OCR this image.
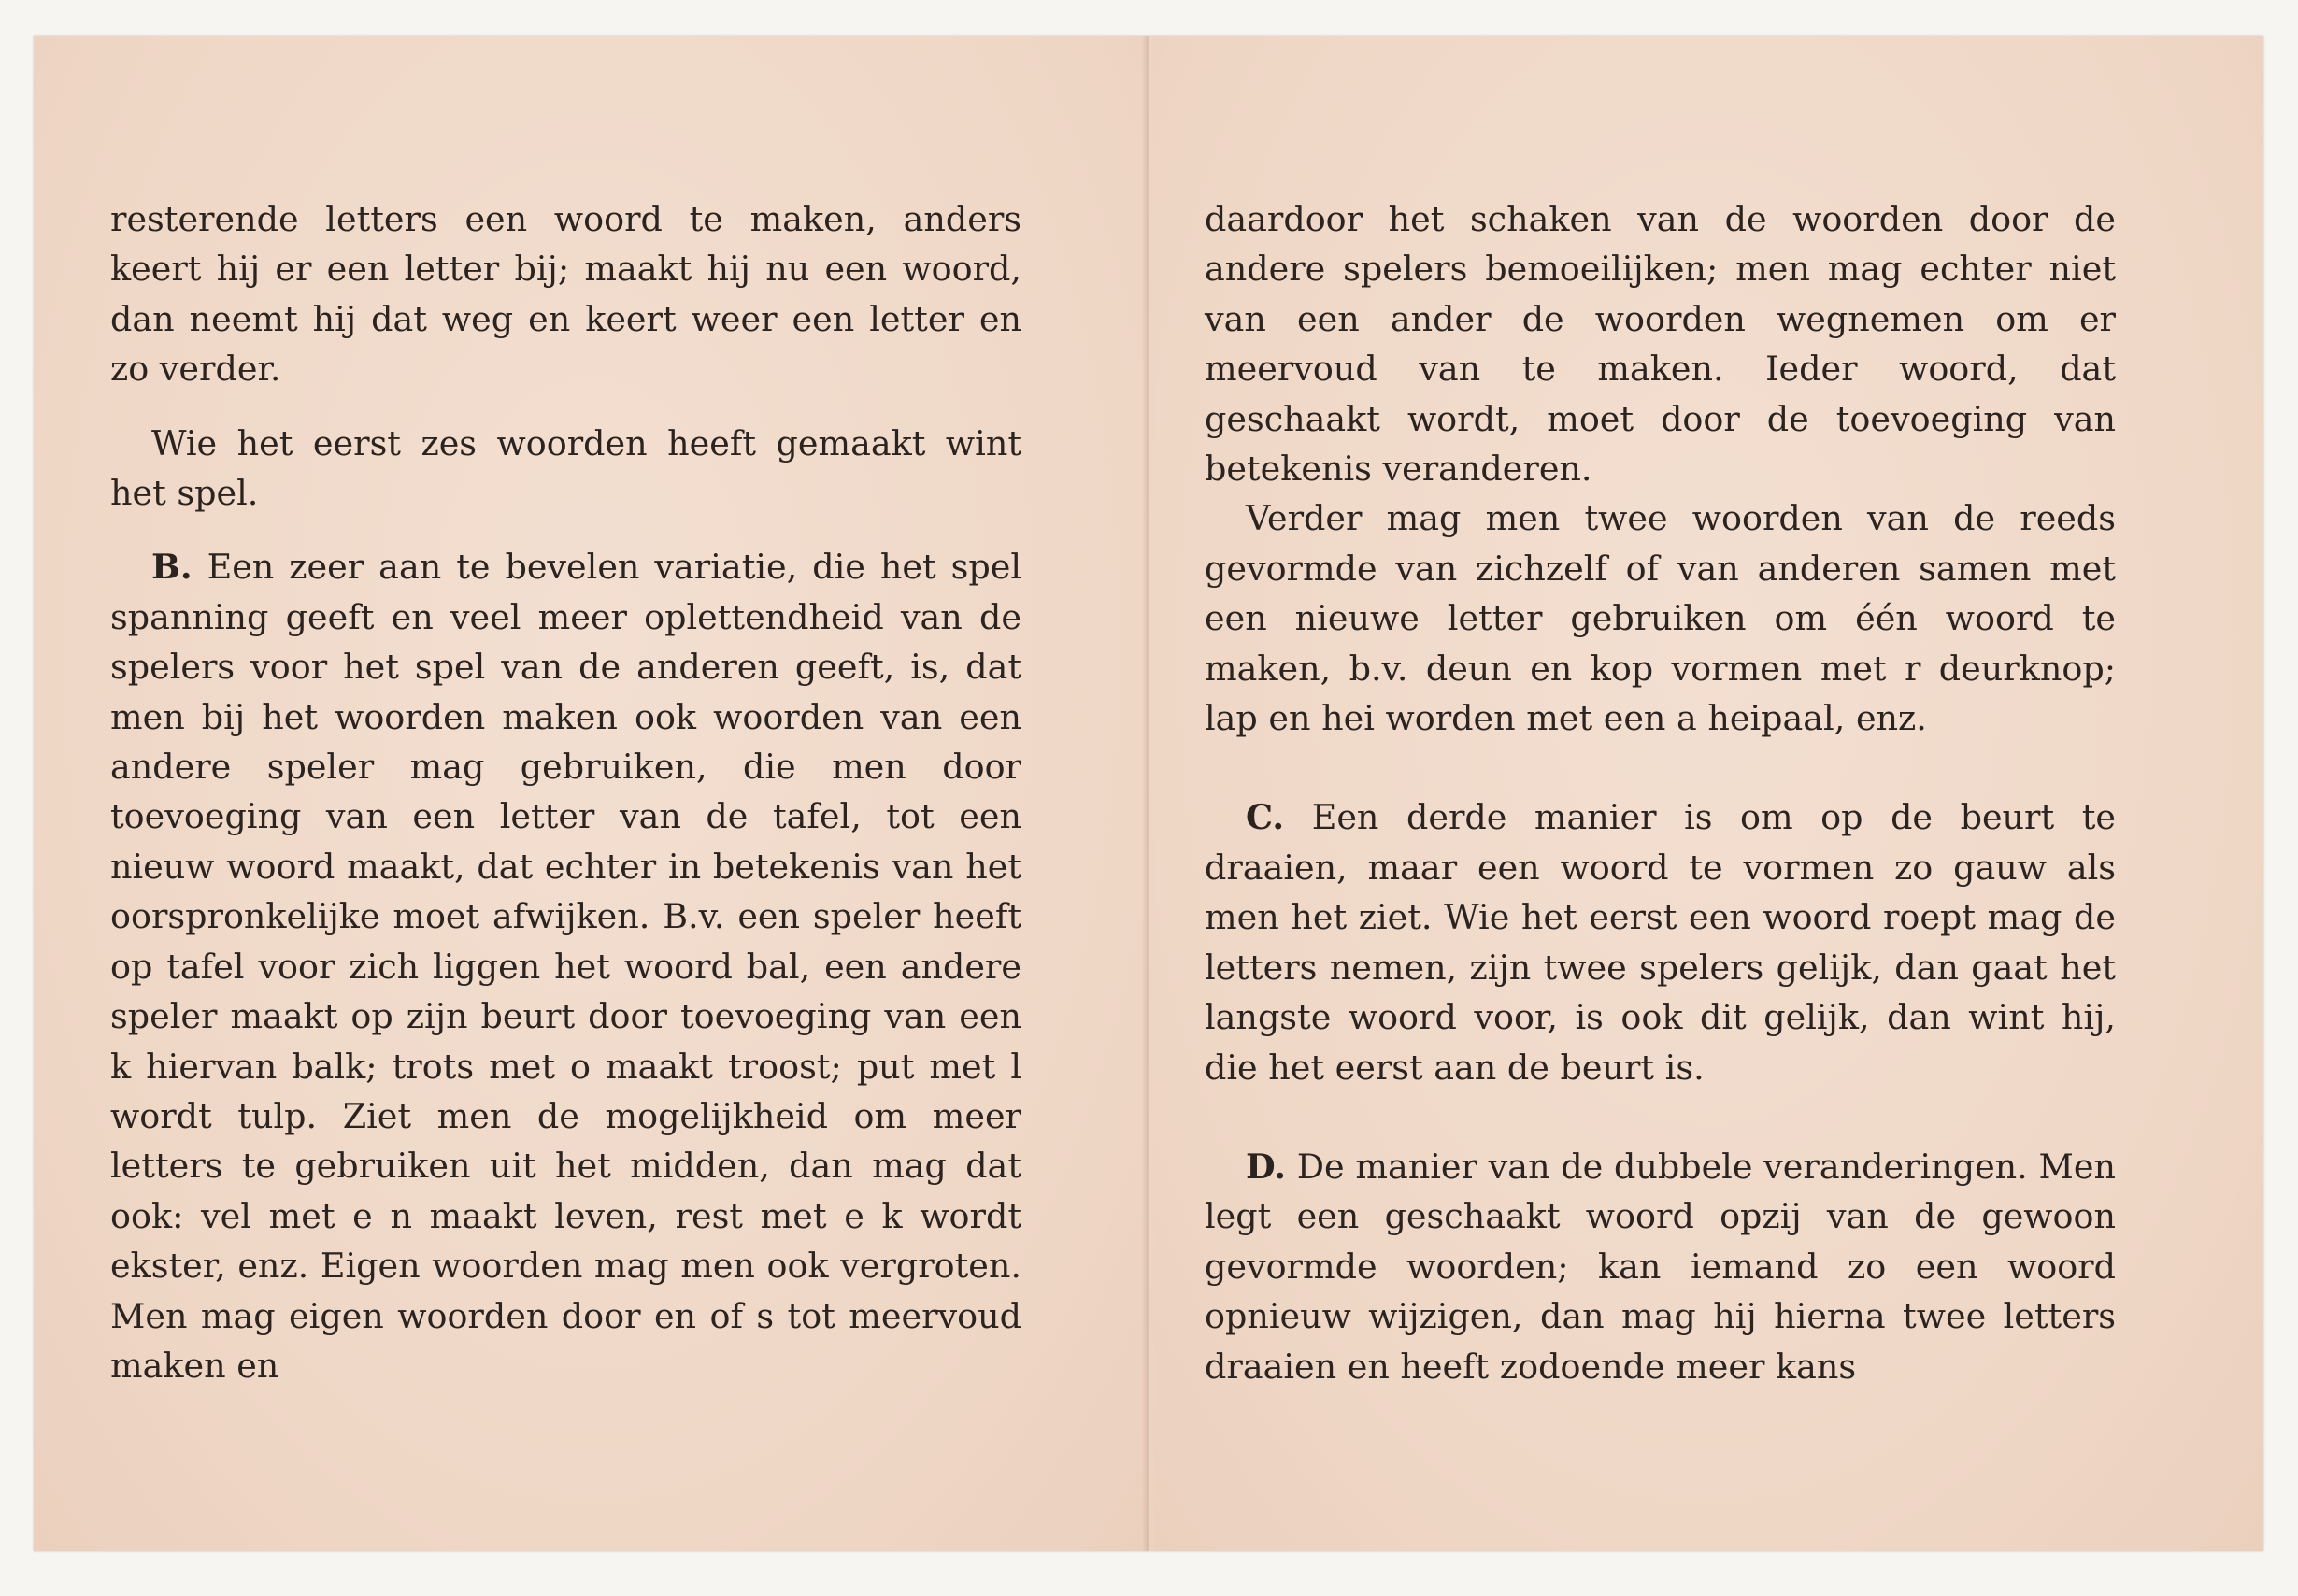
resterende letters een woord te maken, anders keert hij er een letter bij; maakt hij nu een woord, dan neemt hij dat weg en keert weer een letter en zo verder.

Wie het eerst zes woorden heeft gemaakt wint het spel.

B. Een zeer aan te bevelen variatie, die het spel spanning geeft en veel meer oplettendheid van de spelers voor het spel van de anderen geeft, is, dat men bij het woorden maken ook woorden van een andere speler mag gebruiken, die men door toevoeging van een letter van de tafel, tot een nieuw woord maakt, dat echter in betekenis van het oorspronkelijke moet afwijken. B.v. een speler heeft op tafel voor zich liggen het woord bal, een andere speler maakt op zijn beurt door toevoeging van een k hiervan balk; trots met o maakt troost; put met l wordt tulp. Ziet men de mogelijkheid om meer letters te gebruiken uit het midden, dan mag dat ook: vel met e n maakt leven, rest met e k wordt ekster, enz. Eigen woorden mag men ook vergroten. Men mag eigen woorden door en of s tot meervoud maken en

daardoor het schaken van de woorden door de andere spelers bemoeilijken; men mag echter niet van een ander de woorden wegnemen om er meervoud van te maken. Ieder woord, dat geschaakt wordt, moet door de toevoeging van betekenis veranderen.

Verder mag men twee woorden van de reeds gevormde van zichzelf of van anderen samen met een nieuwe letter gebruiken om één woord te maken, b.v. deun en kop vormen met r deurknop; lap en hei worden met een a heipaal, enz.

C. Een derde manier is om op de beurt te draaien, maar een woord te vormen zo gauw als men het ziet. Wie het eerst een woord roept mag de letters nemen, zijn twee spelers gelijk, dan gaat het langste woord voor, is ook dit gelijk, dan wint hij, die het eerst aan de beurt is.

D. De manier van de dubbele veranderingen. Men legt een geschaakt woord opzij van de gewoon gevormde woorden; kan iemand zo een woord opnieuw wijzigen, dan mag hij hierna twee letters draaien en heeft zodoende meer kans
